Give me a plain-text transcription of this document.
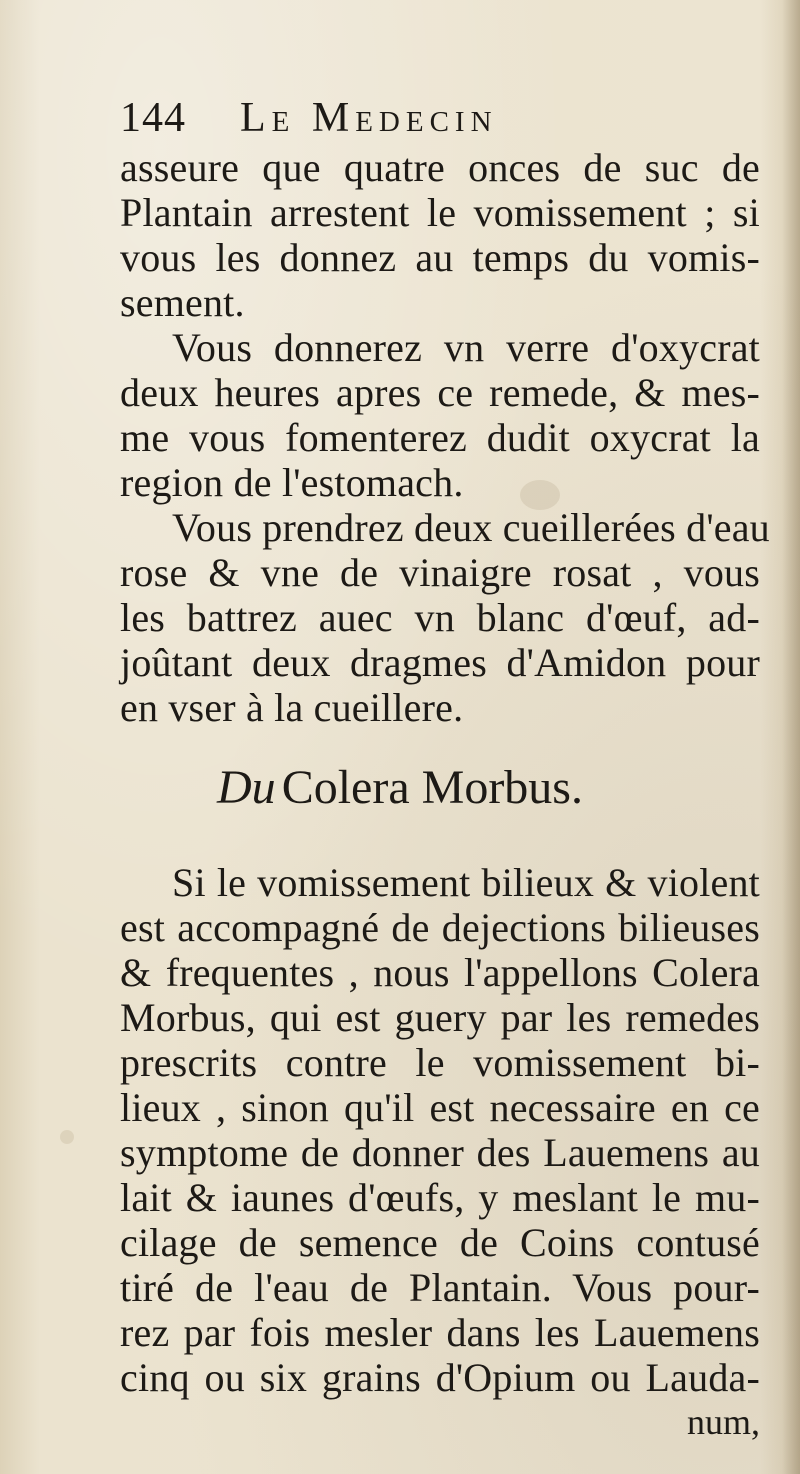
144 Le Medecin
asseure que quatre onces de suc de
Plantain arrestent le vomissement ; si
vous les donnez au temps du vomis-
sement.
Vous donnerez vn verre d'oxycrat
deux heures apres ce remede, & mes-
me vous fomenterez dudit oxycrat la
region de l'estomach.
Vous prendrez deux cueillerées d'eau
rose & vne de vinaigre rosat , vous
les battrez auec vn blanc d'œuf, ad-
joûtant deux dragmes d'Amidon pour
en vser à la cueillere.
Du Colera Morbus.
Si le vomissement bilieux & violent
est accompagné de dejections bilieuses
& frequentes , nous l'appellons Colera
Morbus, qui est guery par les remedes
prescrits contre le vomissement bi-
lieux , sinon qu'il est necessaire en ce
symptome de donner des Lauemens au
lait & iaunes d'œufs, y meslant le mu-
cilage de semence de Coins contusé
tiré de l'eau de Plantain. Vous pour-
rez par fois mesler dans les Lauemens
cinq ou six grains d'Opium ou Lauda-
num,
